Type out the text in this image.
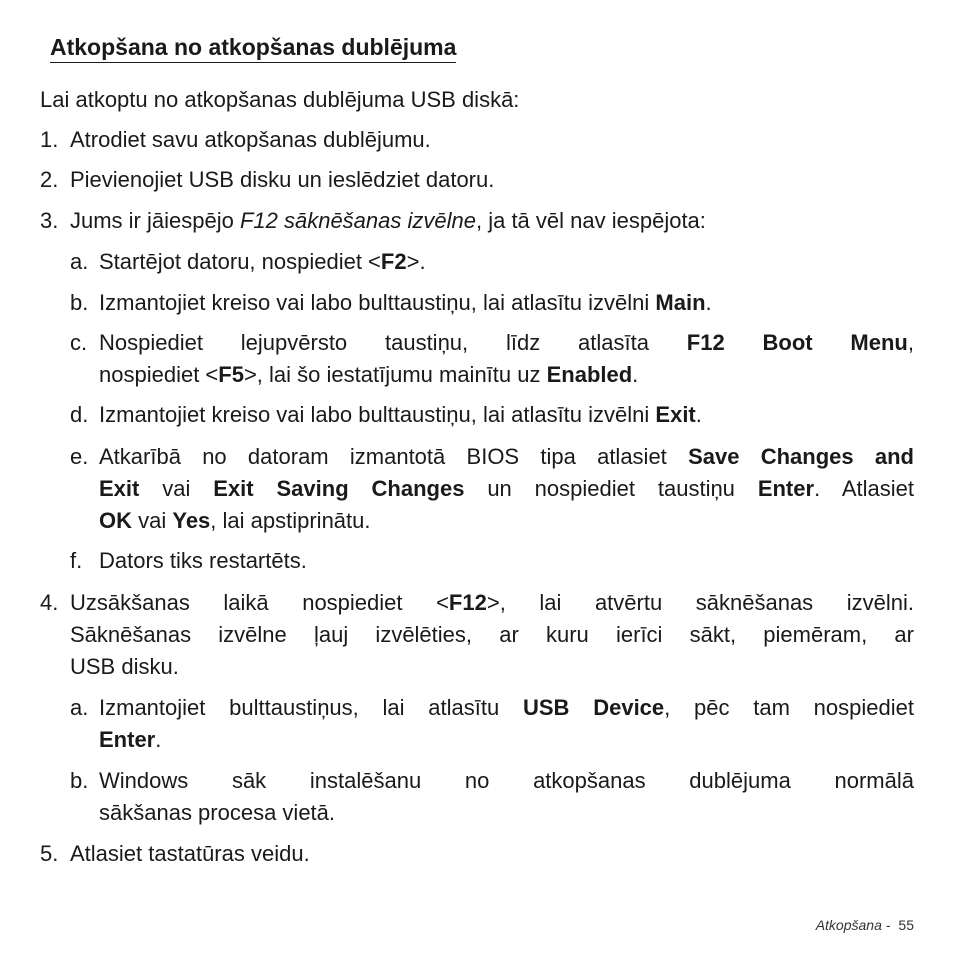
Atkopšana no atkopšanas dublējuma
Lai atkoptu no atkopšanas dublējuma USB diskā:
1. Atrodiet savu atkopšanas dublējumu.
2. Pievienojiet USB disku un ieslēdziet datoru.
3. Jums ir jāiespējo F12 sāknēšanas izvēlne, ja tā vēl nav iespējota:
a. Startējot datoru, nospiediet <F2>.
b. Izmantojiet kreiso vai labo bulttaustiņu, lai atlasītu izvēlni Main.
c. Nospiediet lejupvērsto taustiņu, līdz atlasīta F12 Boot Menu,
nospiediet <F5>, lai šo iestatījumu mainītu uz Enabled.
d. Izmantojiet kreiso vai labo bulttaustiņu, lai atlasītu izvēlni Exit.
e. Atkarībā no datoram izmantotā BIOS tipa atlasiet Save Changes and
Exit vai Exit Saving Changes un nospiediet taustiņu Enter. Atlasiet
OK vai Yes, lai apstiprinātu.
f. Dators tiks restartēts.
4. Uzsākšanas laikā nospiediet <F12>, lai atvērtu sāknēšanas izvēlni.
Sāknēšanas izvēlne ļauj izvēlēties, ar kuru ierīci sākt, piemēram, ar
USB disku.
a. Izmantojiet bulttaustiņus, lai atlasītu USB Device, pēc tam nospiediet
Enter.
b. Windows sāk instalēšanu no atkopšanas dublējuma normālā
sākšanas procesa vietā.
5. Atlasiet tastatūras veidu.
Atkopšana - 55
